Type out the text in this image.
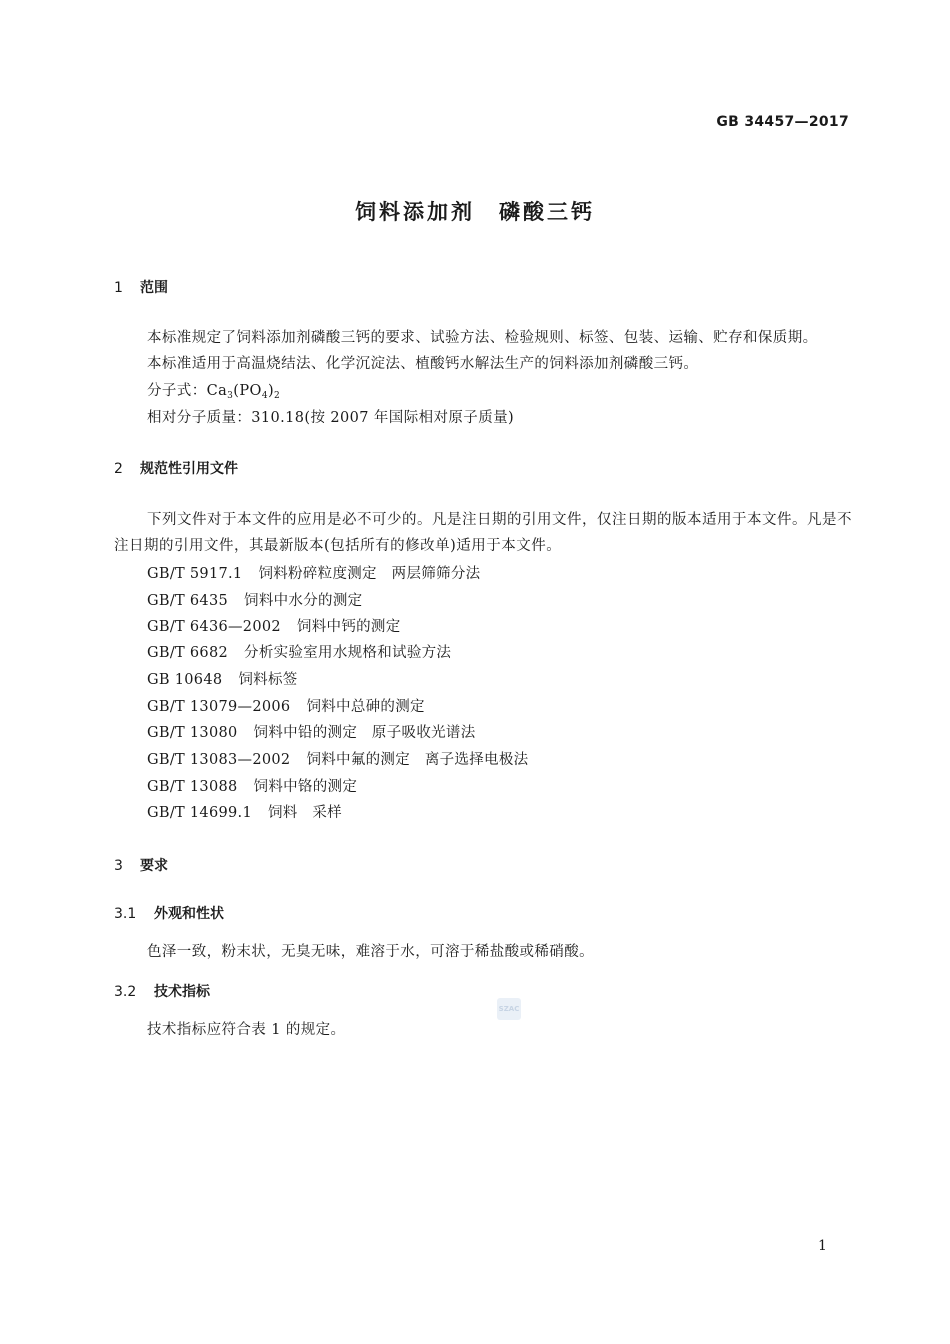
GB 34457—2017
饲料添加剂　磷酸三钙
1 范围
本标准规定了饲料添加剂磷酸三钙的要求、试验方法、检验规则、标签、包装、运输、贮存和保质期。
本标准适用于高温烧结法、化学沉淀法、植酸钙水解法生产的饲料添加剂磷酸三钙。
分子式：$Ca_3(PO_4)_2$
相对分子质量：310.18(按 2007 年国际相对原子质量)
2 规范性引用文件
下列文件对于本文件的应用是必不可少的。凡是注日期的引用文件，仅注日期的版本适用于本文件。凡是不注日期的引用文件，其最新版本(包括所有的修改单)适用于本文件。
GB/T 5917.1 饲料粉碎粒度测定　两层筛筛分法
GB/T 6435 饲料中水分的测定
GB/T 6436—2002 饲料中钙的测定
GB/T 6682 分析实验室用水规格和试验方法
GB 10648 饲料标签
GB/T 13079—2006 饲料中总砷的测定
GB/T 13080 饲料中铅的测定　原子吸收光谱法
GB/T 13083—2002 饲料中氟的测定　离子选择电极法
GB/T 13088 饲料中铬的测定
GB/T 14699.1 饲料　采样
3 要求
3.1 外观和性状
色泽一致，粉末状，无臭无味，难溶于水，可溶于稀盐酸或稀硝酸。
3.2 技术指标
技术指标应符合表 1 的规定。
SZAC
1
